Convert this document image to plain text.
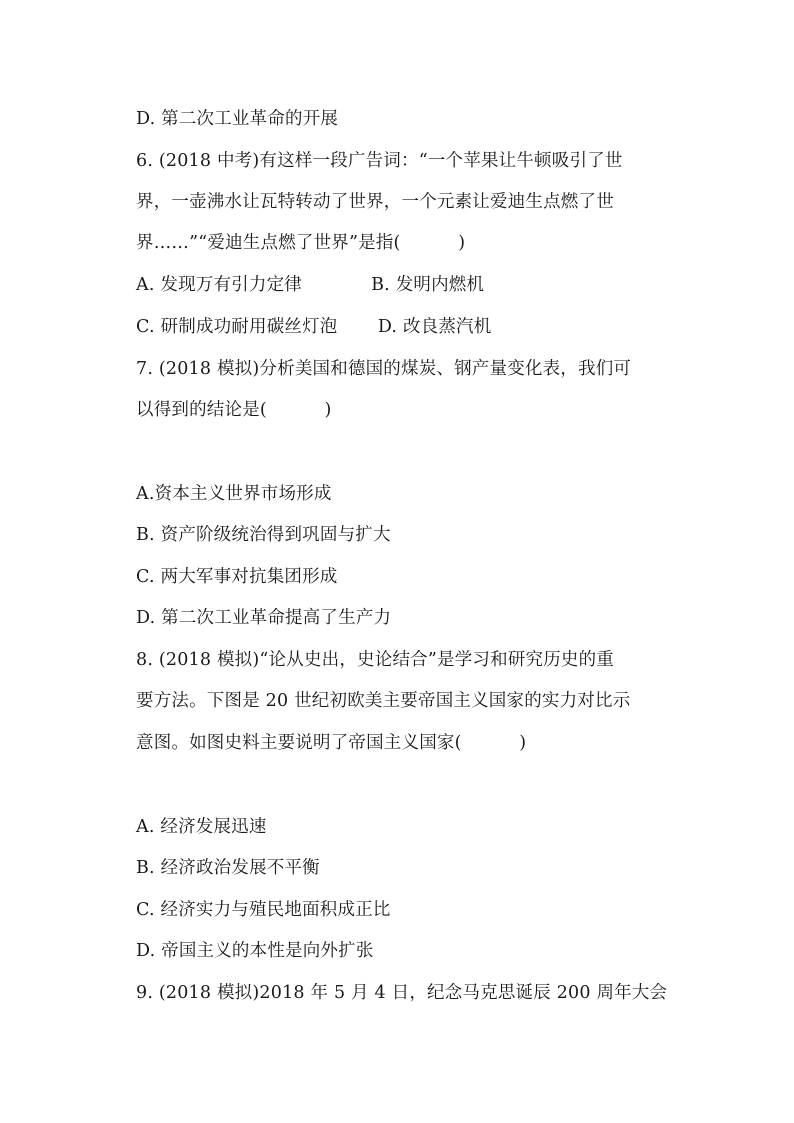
D. 第二次工业革命的开展
6. (2018 中考)有这样一段广告词：“一个苹果让牛顿吸引了世
界，一壶沸水让瓦特转动了世界，一个元素让爱迪生点燃了世
界……”“爱迪生点燃了世界”是指(          )
A. 发现万有引力定律            B. 发明内燃机
C. 研制成功耐用碳丝灯泡       D. 改良蒸汽机
7. (2018 模拟)分析美国和德国的煤炭、钢产量变化表，我们可
以得到的结论是(          )
A.资本主义世界市场形成
B. 资产阶级统治得到巩固与扩大
C. 两大军事对抗集团形成
D. 第二次工业革命提高了生产力
8. (2018 模拟)“论从史出，史论结合”是学习和研究历史的重
要方法。下图是 20 世纪初欧美主要帝国主义国家的实力对比示
意图。如图史料主要说明了帝国主义国家(          )
A. 经济发展迅速
B. 经济政治发展不平衡
C. 经济实力与殖民地面积成正比
D. 帝国主义的本性是向外扩张
9. (2018 模拟)2018 年 5 月 4 日，纪念马克思诞辰 200 周年大会
